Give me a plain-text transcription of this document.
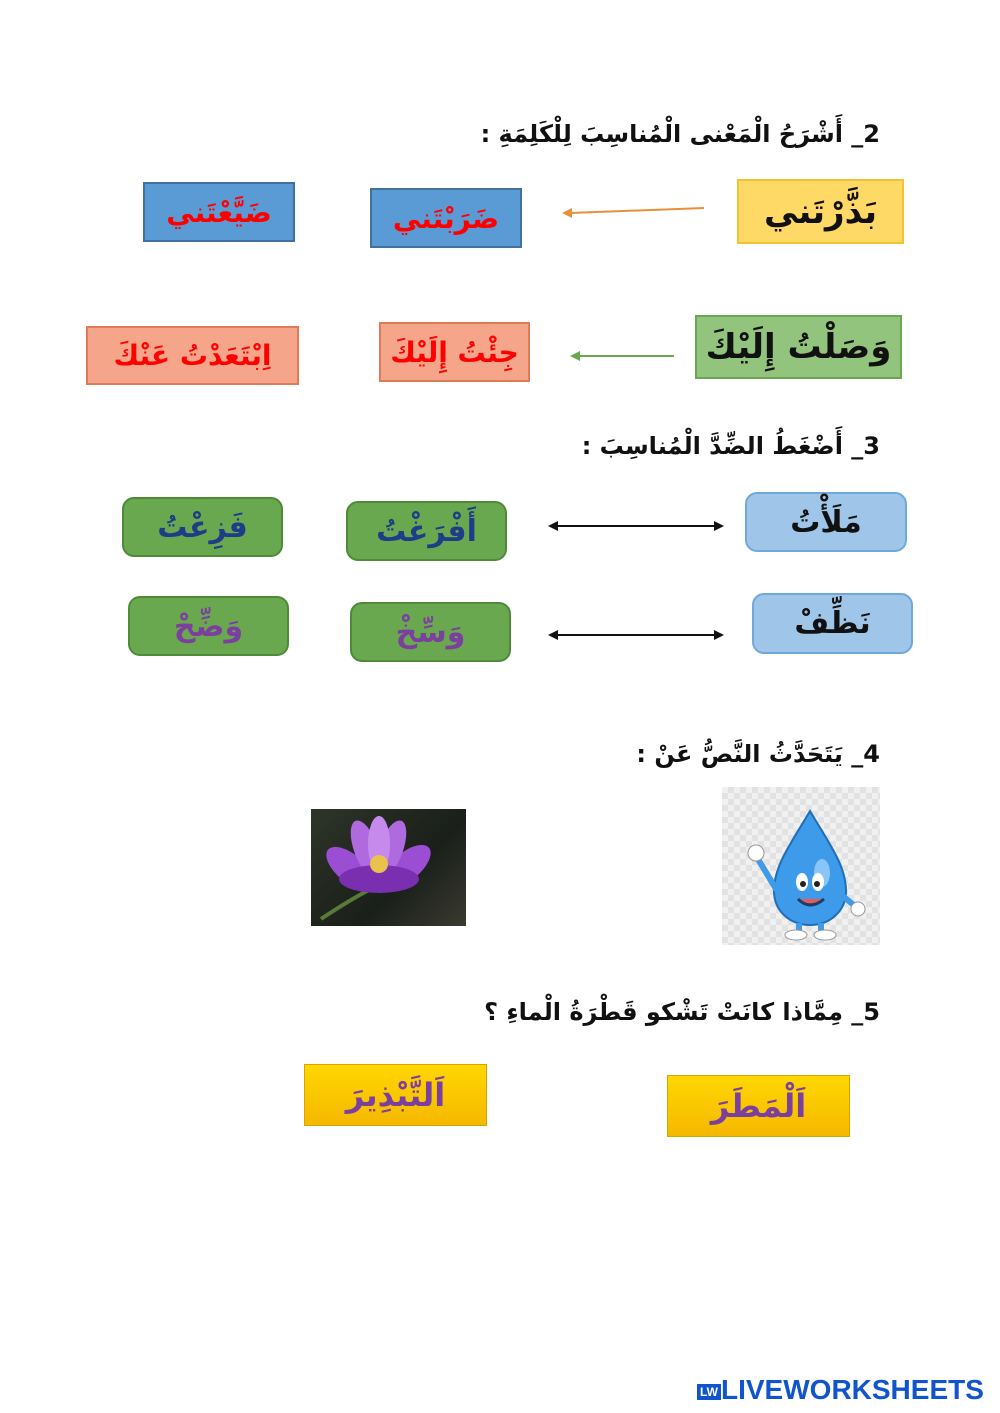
2_ أَشْرَحُ الْمَعْنى الْمُناسِبَ لِلْكَلِمَةِ :
بَذَّرْتَني
ضَرَبْتَني
ضَيَّعْتَني
وَصَلْتُ إِلَيْكَ
جِئْتُ إِلَيْكَ
اِبْتَعَدْتُ عَنْكَ
3_ أَضْغَطُ الضِّدَّ الْمُناسِبَ :
مَلَأْتُ
أَفْرَغْتُ
فَزِعْتُ
نَظِّفْ
وَسِّخْ
وَضِّحْ
4_ يَتَحَدَّثُ النَّصُّ عَنْ :
5_ مِمَّاذا كانَتْ تَشْكو قَطْرَةُ الْماءِ ؟
اَلْمَطَرَ
اَلتَّبْذِيرَ
LW LIVEWORKSHEETS
